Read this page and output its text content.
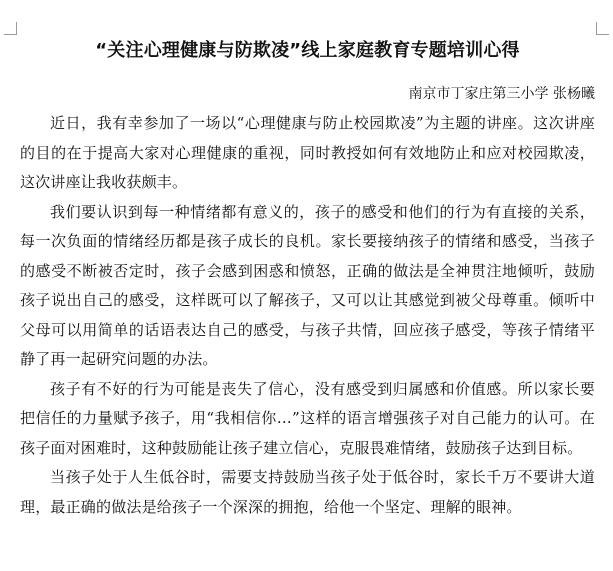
“关注心理健康与防欺凌”线上家庭教育专题培训心得

南京市丁家庄第三小学 张杨曦

近日，我有幸参加了一场以“心理健康与防止校园欺凌”为主题的讲座。这次讲座的目的在于提高大家对心理健康的重视，同时教授如何有效地防止和应对校园欺凌，这次讲座让我收获颇丰。

我们要认识到每一种情绪都有意义的，孩子的感受和他们的行为有直接的关系，每一次负面的情绪经历都是孩子成长的良机。家长要接纳孩子的情绪和感受，当孩子的感受不断被否定时，孩子会感到困惑和愤怒，正确的做法是全神贯注地倾听，鼓励孩子说出自己的感受，这样既可以了解孩子，又可以让其感觉到被父母尊重。倾听中父母可以用简单的话语表达自己的感受，与孩子共情，回应孩子感受，等孩子情绪平静了再一起研究问题的办法。

孩子有不好的行为可能是丧失了信心，没有感受到归属感和价值感。所以家长要把信任的力量赋予孩子，用“我相信你…”这样的语言增强孩子对自己能力的认可。在孩子面对困难时，这种鼓励能让孩子建立信心，克服畏难情绪，鼓励孩子达到目标。

当孩子处于人生低谷时，需要支持鼓励当孩子处于低谷时，家长千万不要讲大道理，最正确的做法是给孩子一个深深的拥抱，给他一个坚定、理解的眼神。
